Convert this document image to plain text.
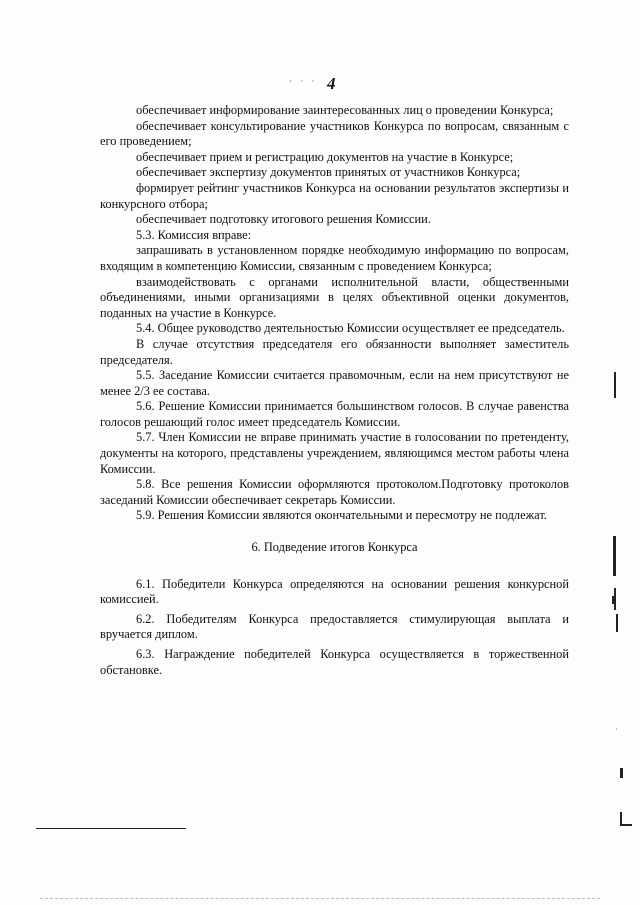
· · · 4

обеспечивает информирование заинтересованных лиц о проведении Конкурса;

обеспечивает консультирование участников Конкурса по вопросам, связанным с его проведением;

обеспечивает прием и регистрацию документов на участие в Конкурсе;

обеспечивает экспертизу документов принятых от участников Конкурса;

формирует рейтинг участников Конкурса на основании результатов экспертизы и конкурсного отбора;

обеспечивает подготовку итогового решения Комиссии.

5.3. Комиссия вправе:

запрашивать в установленном порядке необходимую информацию по вопросам, входящим в компетенцию Комиссии, связанным с проведением Конкурса;

взаимодействовать с органами исполнительной власти, общественными объединениями, иными организациями в целях объективной оценки документов, поданных на участие в Конкурсе.

5.4. Общее руководство деятельностью Комиссии осуществляет ее председатель.

В случае отсутствия председателя его обязанности выполняет заместитель председателя.

5.5. Заседание Комиссии считается правомочным, если на нем присутствуют не менее 2/3 ее состава.

5.6. Решение Комиссии принимается большинством голосов. В случае равенства голосов решающий голос имеет председатель Комиссии.

5.7. Член Комиссии не вправе принимать участие в голосовании по претенденту, документы на которого, представлены учреждением, являющимся местом работы члена Комиссии.

5.8. Все решения Комиссии оформляются протоколом.Подготовку протоколов заседаний Комиссии обеспечивает секретарь Комиссии.

5.9. Решения Комиссии являются окончательными и пересмотру не подлежат.

6. Подведение итогов Конкурса

6.1. Победители Конкурса определяются на основании решения конкурсной комиссией.

6.2. Победителям Конкурса предоставляется стимулирующая выплата и вручается диплом.

6.3. Награждение победителей Конкурса осуществляется в торжественной обстановке.

·
